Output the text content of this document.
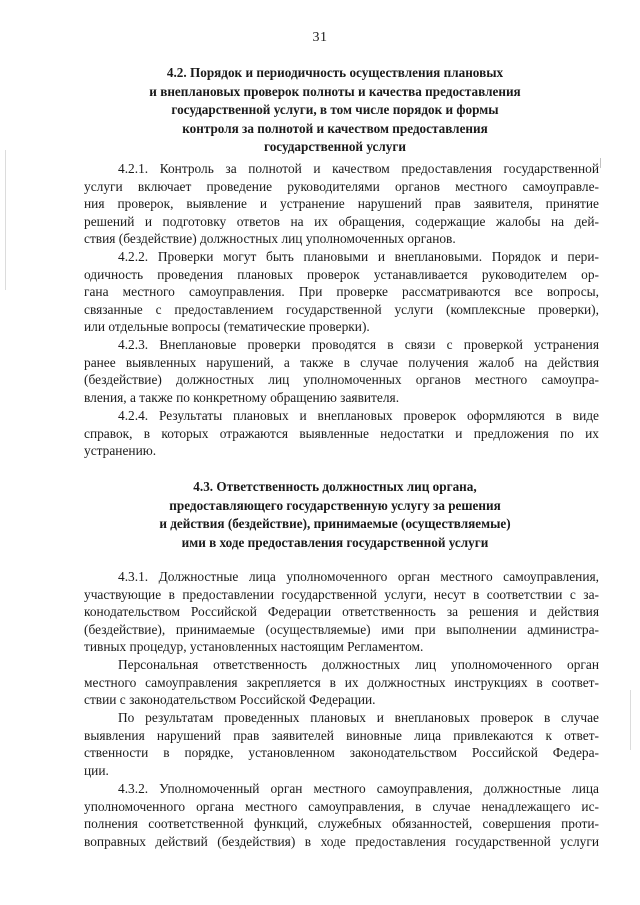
31
4.2. Порядок и периодичность осуществления плановых
и внеплановых проверок полноты и качества предоставления
государственной услуги, в том числе порядок и формы
контроля за полнотой и качеством предоставления
государственной услуги
4.2.1. Контроль за полнотой и качеством предоставления государственной
услуги включает проведение руководителями органов местного самоуправле-
ния проверок, выявление и устранение нарушений прав заявителя, принятие
решений и подготовку ответов на их обращения, содержащие жалобы на дей-
ствия (бездействие) должностных лиц уполномоченных органов.
4.2.2. Проверки могут быть плановыми и внеплановыми. Порядок и пери-
одичность проведения плановых проверок устанавливается руководителем ор-
гана местного самоуправления. При проверке рассматриваются все вопросы,
связанные с предоставлением государственной услуги (комплексные проверки),
или отдельные вопросы (тематические проверки).
4.2.3. Внеплановые проверки проводятся в связи с проверкой устранения
ранее выявленных нарушений, а также в случае получения жалоб на действия
(бездействие) должностных лиц уполномоченных органов местного самоупра-
вления, а также по конкретному обращению заявителя.
4.2.4. Результаты плановых и внеплановых проверок оформляются в виде
справок, в которых отражаются выявленные недостатки и предложения по их
устранению.
4.3. Ответственность должностных лиц органа,
предоставляющего государственную услугу за решения
и действия (бездействие), принимаемые (осуществляемые)
ими в ходе предоставления государственной услуги
4.3.1. Должностные лица уполномоченного орган местного самоуправления,
участвующие в предоставлении государственной услуги, несут в соответствии с за-
конодательством Российской Федерации ответственность за решения и действия
(бездействие), принимаемые (осуществляемые) ими при выполнении администра-
тивных процедур, установленных настоящим Регламентом.
Персональная ответственность должностных лиц уполномоченного орган
местного самоуправления закрепляется в их должностных инструкциях в соответ-
ствии с законодательством Российской Федерации.
По результатам проведенных плановых и внеплановых проверок в случае
выявления нарушений прав заявителей виновные лица привлекаются к ответ-
ственности в порядке, установленном законодательством Российской Федера-
ции.
4.3.2. Уполномоченный орган местного самоуправления, должностные лица
уполномоченного органа местного самоуправления, в случае ненадлежащего ис-
полнения соответственной функций, служебных обязанностей, совершения проти-
воправных действий (бездействия) в ходе предоставления государственной услуги
